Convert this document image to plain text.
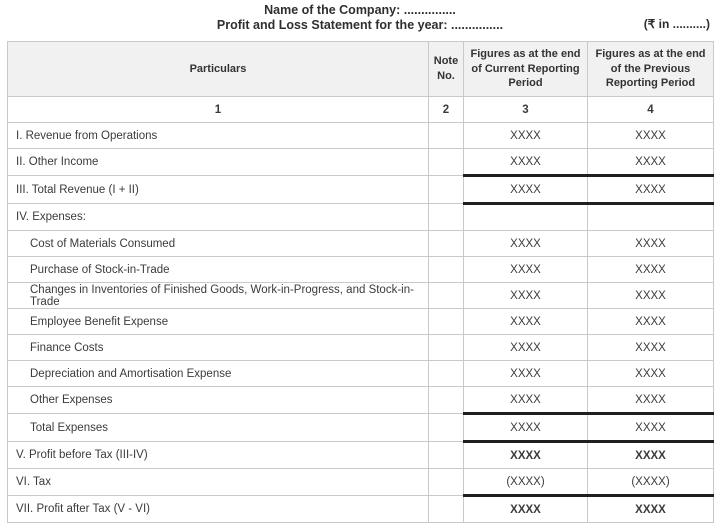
Name of the Company: ...............
Profit and Loss Statement for the year: ...............	(₹ in ..........)
Particulars	Note No.	Figures as at the end of Current Reporting Period	Figures as at the end of the Previous Reporting Period
1	2	3	4
I. Revenue from Operations		XXXX	XXXX
II. Other Income		XXXX	XXXX
III. Total Revenue (I + II)		XXXX	XXXX
IV. Expenses:			
Cost of Materials Consumed		XXXX	XXXX
Purchase of Stock-in-Trade		XXXX	XXXX
Changes in Inventories of Finished Goods, Work-in-Progress, and Stock-in-Trade		XXXX	XXXX
Employee Benefit Expense		XXXX	XXXX
Finance Costs		XXXX	XXXX
Depreciation and Amortisation Expense		XXXX	XXXX
Other Expenses		XXXX	XXXX
Total Expenses		XXXX	XXXX
V. Profit before Tax (III-IV)		XXXX	XXXX
VI. Tax		(XXXX)	(XXXX)
VII. Profit after Tax (V - VI)		XXXX	XXXX
